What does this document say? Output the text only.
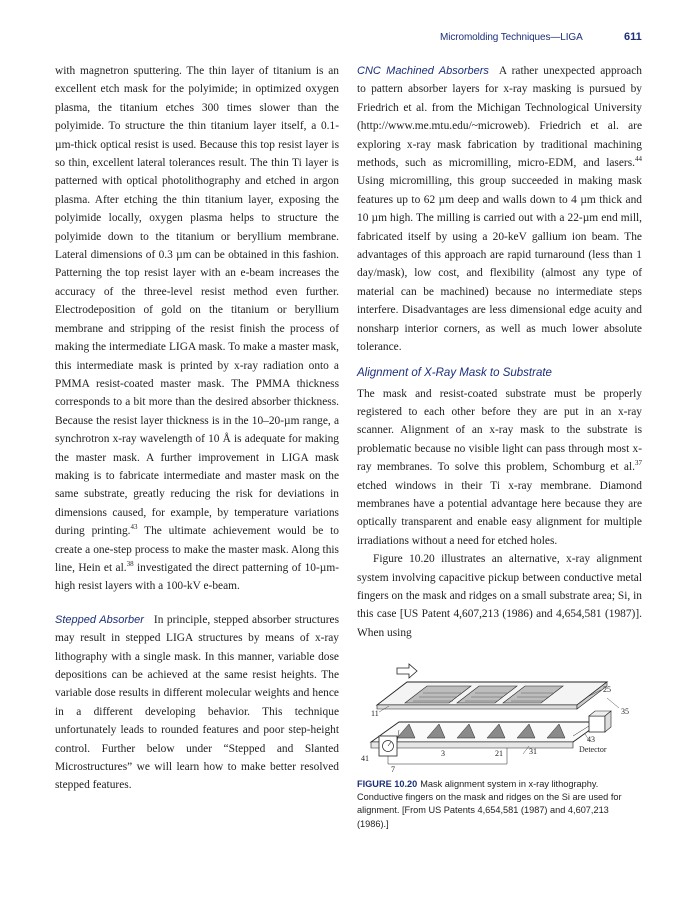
Micromolding Techniques—LIGA	611

with magnetron sputtering. The thin layer of titanium is an excellent etch mask for the polyimide; in optimized oxygen plasma, the titanium etches 300 times slower than the polyimide. To structure the thin titanium layer itself, a 0.1-µm-thick optical resist is used. Because this top resist layer is so thin, excellent lateral tolerances result. The thin Ti layer is patterned with optical photolithography and etched in argon plasma. After etching the thin titanium layer, exposing the polyimide locally, oxygen plasma helps to structure the polyimide down to the titanium or beryllium membrane. Lateral dimensions of 0.3 µm can be obtained in this fashion. Patterning the top resist layer with an e-beam increases the accuracy of the three-level resist method even further. Electrodeposition of gold on the titanium or beryllium membrane and stripping of the resist finish the process of making the intermediate LIGA mask. To make a master mask, this intermediate mask is printed by x-ray radiation onto a PMMA resist-coated master mask. The PMMA thickness corresponds to a bit more than the desired absorber thickness. Because the resist layer thickness is in the 10–20-µm range, a synchrotron x-ray wavelength of 10 Å is adequate for making the master mask. A further improvement in LIGA mask making is to fabricate intermediate and master mask on the same substrate, greatly reducing the risk for deviations in dimensions caused, for example, by temperature variations during printing.$^{43}$ The ultimate achievement would be to create a one-step process to make the master mask. Along this line, Hein et al.$^{38}$ investigated the direct patterning of 10-µm-high resist layers with a 100-kV e-beam.

Stepped Absorber In principle, stepped absorber structures may result in stepped LIGA structures by means of x-ray lithography with a single mask. In this manner, variable dose depositions can be achieved at the same resist heights. The variable dose results in different molecular weights and hence in a different developing behavior. This technique unfortunately leads to rounded features and poor step-height control. Further below under “Stepped and Slanted Microstructures” we will learn how to make better resolved stepped features.

CNC Machined Absorbers A rather unexpected approach to pattern absorber layers for x-ray masking is pursued by Friedrich et al. from the Michigan Technological University (http://www.me.mtu.edu/~microweb). Friedrich et al. are exploring x-ray mask fabrication by traditional machining methods, such as micromilling, micro-EDM, and lasers.$^{44}$ Using micromilling, this group succeeded in making mask features up to 62 µm deep and walls down to 4 µm thick and 10 µm high. The milling is carried out with a 22-µm end mill, fabricated itself by using a 20-keV gallium ion beam. The advantages of this approach are rapid turnaround (less than 1 day/mask), low cost, and flexibility (almost any type of material can be machined) because no intermediate steps interfere. Disadvantages are less dimensional edge acuity and nonsharp interior corners, as well as much lower absolute tolerance.

Alignment of X-Ray Mask to Substrate

The mask and resist-coated substrate must be properly registered to each other before they are put in an x-ray scanner. Alignment of an x-ray mask to the substrate is problematic because no visible light can pass through most x-ray membranes. To solve this problem, Schomburg et al.$^{37}$ etched windows in their Ti x-ray membrane. Diamond membranes have a potential advantage here because they are optically transparent and enable easy alignment for multiple irradiations without a need for etched holes.

Figure 10.20 illustrates an alternative, x-ray alignment system involving capacitive pickup between conductive metal fingers on the mask and ridges on a small substrate area; Si, in this case [US Patent 4,607,213 (1986) and 4,654,581 (1987)]. When using

25
35
11
43
41
3	21	31	Detector
7
FIGURE 10.20 Mask alignment system in x-ray lithography. Conductive fingers on the mask and ridges on the Si are used for alignment. [From US Patents 4,654,581 (1987) and 4,607,213 (1986).]
